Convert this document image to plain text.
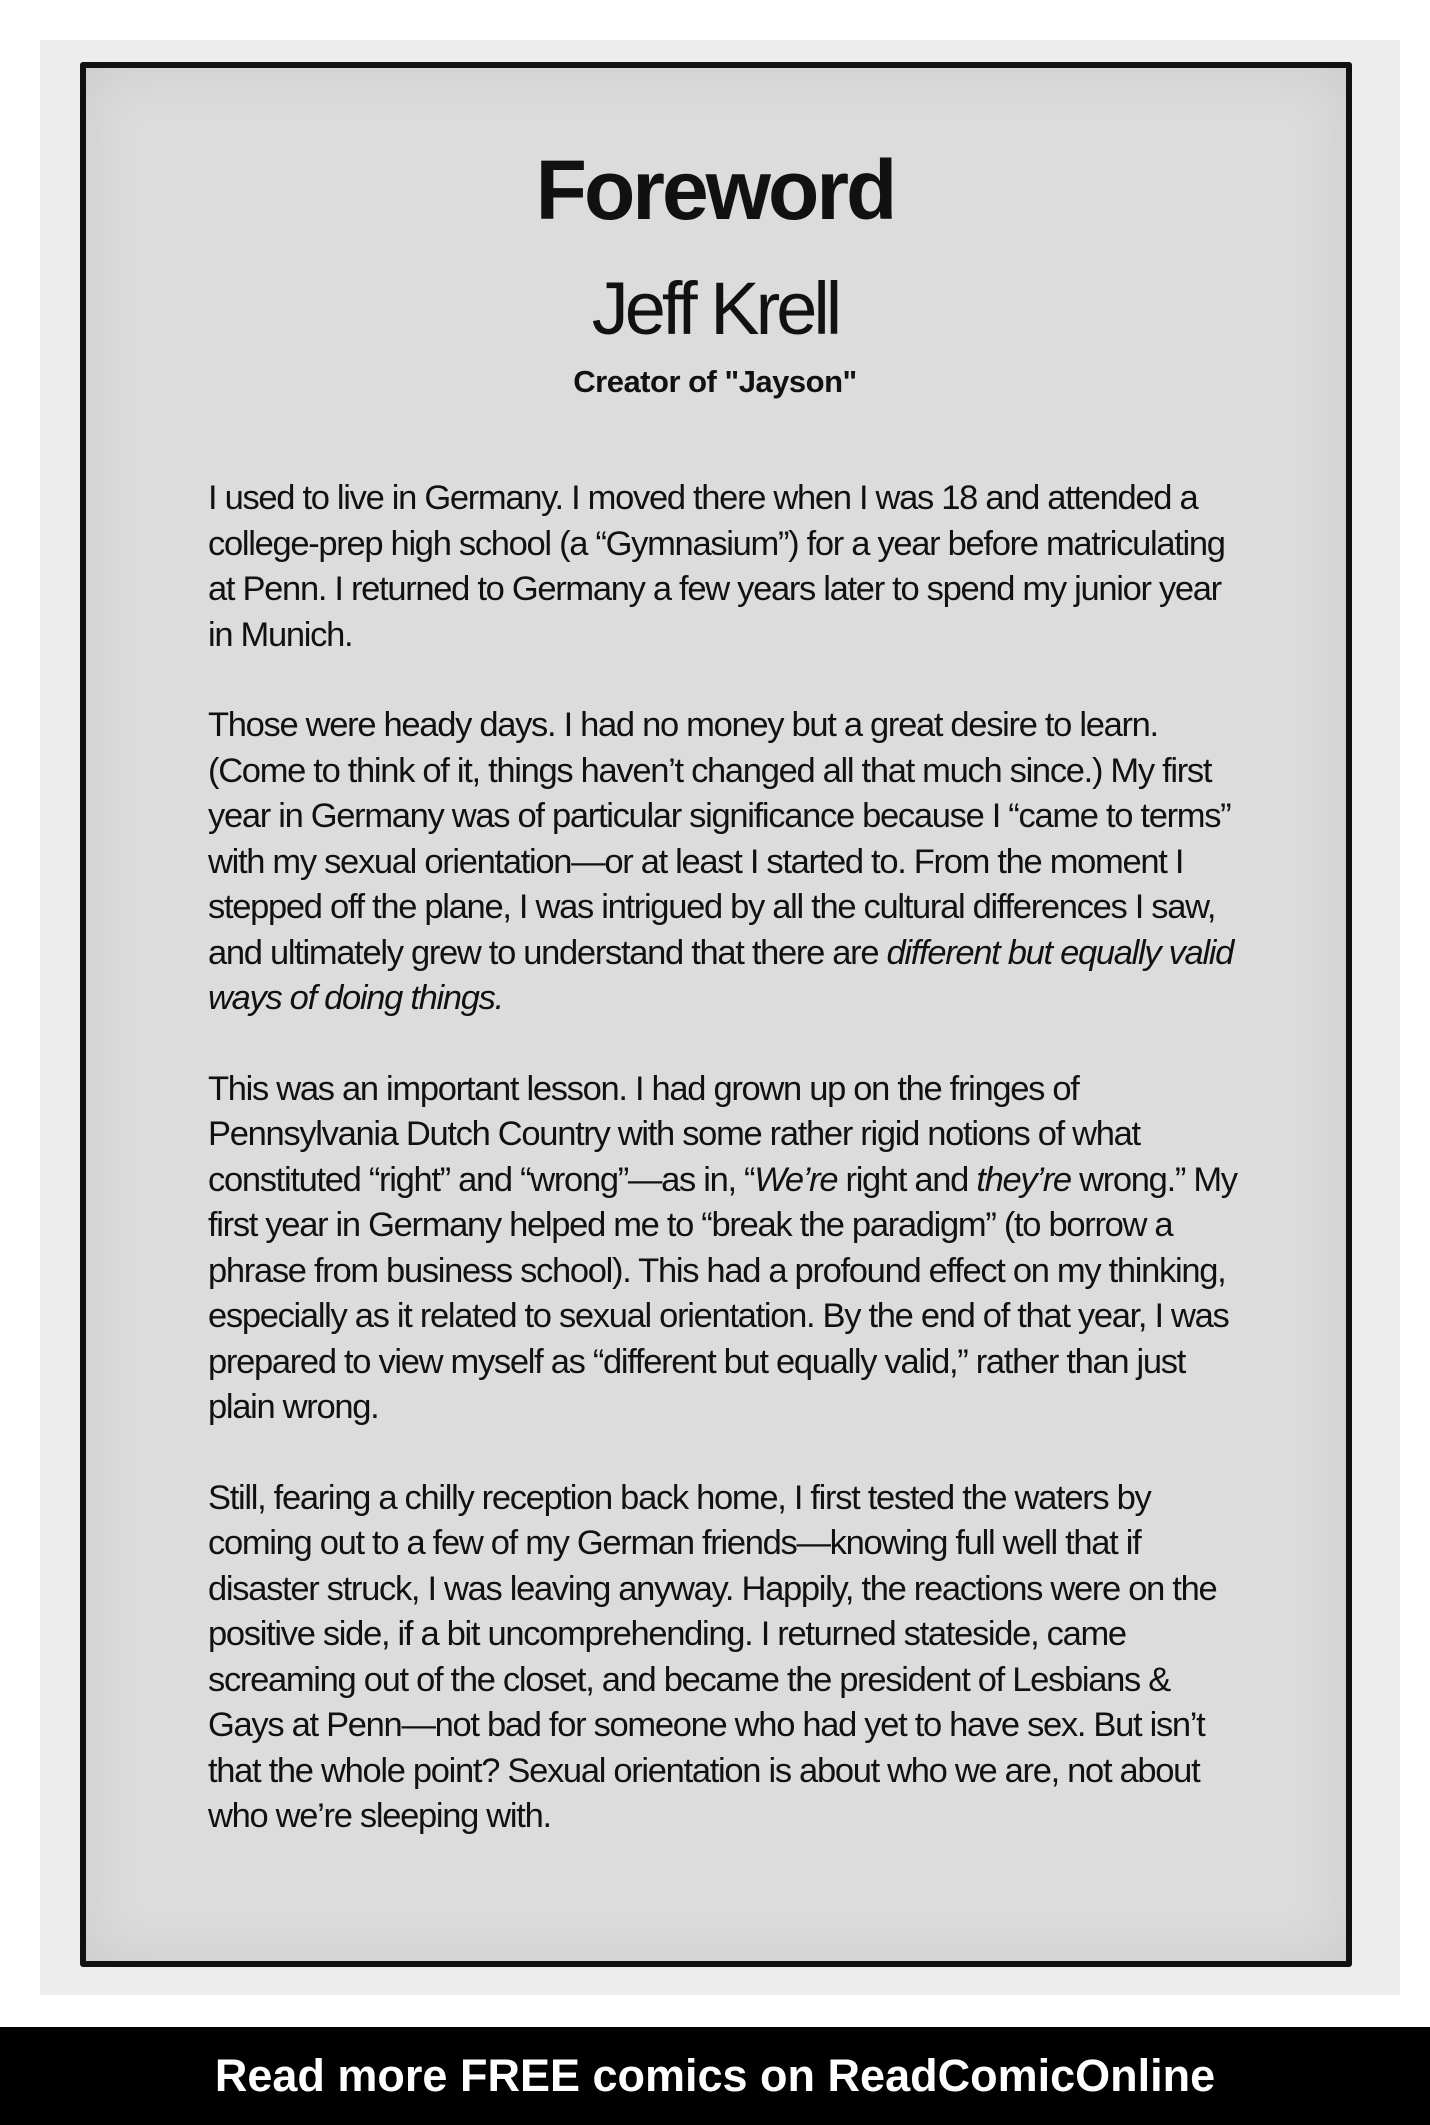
Foreword
Jeff Krell
Creator of "Jayson"

I used to live in Germany. I moved there when I was 18 and attended a college-prep high school (a “Gymnasium”) for a year before matriculating at Penn. I returned to Germany a few years later to spend my junior year in Munich.

Those were heady days. I had no money but a great desire to learn. (Come to think of it, things haven’t changed all that much since.) My first year in Germany was of particular significance because I “came to terms” with my sexual orientation—or at least I started to. From the moment I stepped off the plane, I was intrigued by all the cultural differences I saw, and ultimately grew to understand that there are different but equally valid ways of doing things.

This was an important lesson. I had grown up on the fringes of Pennsylvania Dutch Country with some rather rigid notions of what constituted “right” and “wrong”—as in, “We’re right and they’re wrong.” My first year in Germany helped me to “break the paradigm” (to borrow a phrase from business school). This had a profound effect on my thinking, especially as it related to sexual orientation. By the end of that year, I was prepared to view myself as “different but equally valid,” rather than just plain wrong.

Still, fearing a chilly reception back home, I first tested the waters by coming out to a few of my German friends—knowing full well that if disaster struck, I was leaving anyway. Happily, the reactions were on the positive side, if a bit uncomprehending. I returned stateside, came screaming out of the closet, and became the president of Lesbians & Gays at Penn—not bad for someone who had yet to have sex. But isn’t that the whole point? Sexual orientation is about who we are, not about who we’re sleeping with.

Read more FREE comics on ReadComicOnline
